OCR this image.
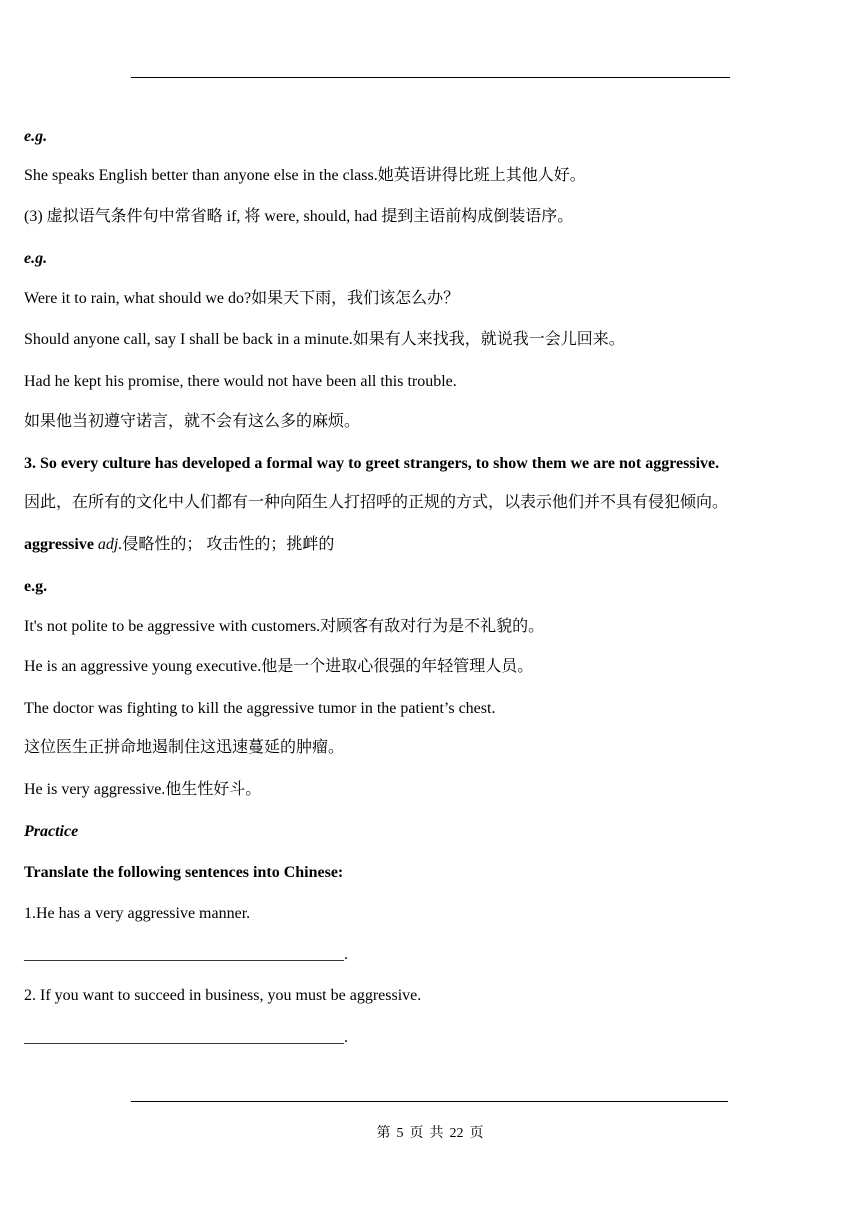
e.g.
She speaks English better than anyone else in the class.她英语讲得比班上其他人好。
(3) 虚拟语气条件句中常省略 if, 将 were, should, had 提到主语前构成倒装语序。
e.g.
Were it to rain, what should we do?如果天下雨，我们该怎么办？
Should anyone call, say I shall be back in a minute.如果有人来找我，就说我一会儿回来。
Had he kept his promise, there would not have been all this trouble.
如果他当初遵守诺言，就不会有这么多的麻烦。
3. So every culture has developed a formal way to greet strangers, to show them we are not aggressive.
因此，在所有的文化中人们都有一种向陌生人打招呼的正规的方式，以表示他们并不具有侵犯倾向。
aggressive adj.侵略性的； 攻击性的；挑衅的
e.g.
It's not polite to be aggressive with customers.对顾客有敌对行为是不礼貌的。
He is an aggressive young executive.他是一个进取心很强的年轻管理人员。
The doctor was fighting to kill the aggressive tumor in the patient’s chest.
这位医生正拼命地遏制住这迅速蔓延的肿瘤。
He is very aggressive.他生性好斗。
Practice
Translate the following sentences into Chinese:
1.He has a very aggressive manner.
________________________________________.
2. If you want to succeed in business, you must be aggressive.
________________________________________.
第 5 页 共 22 页
